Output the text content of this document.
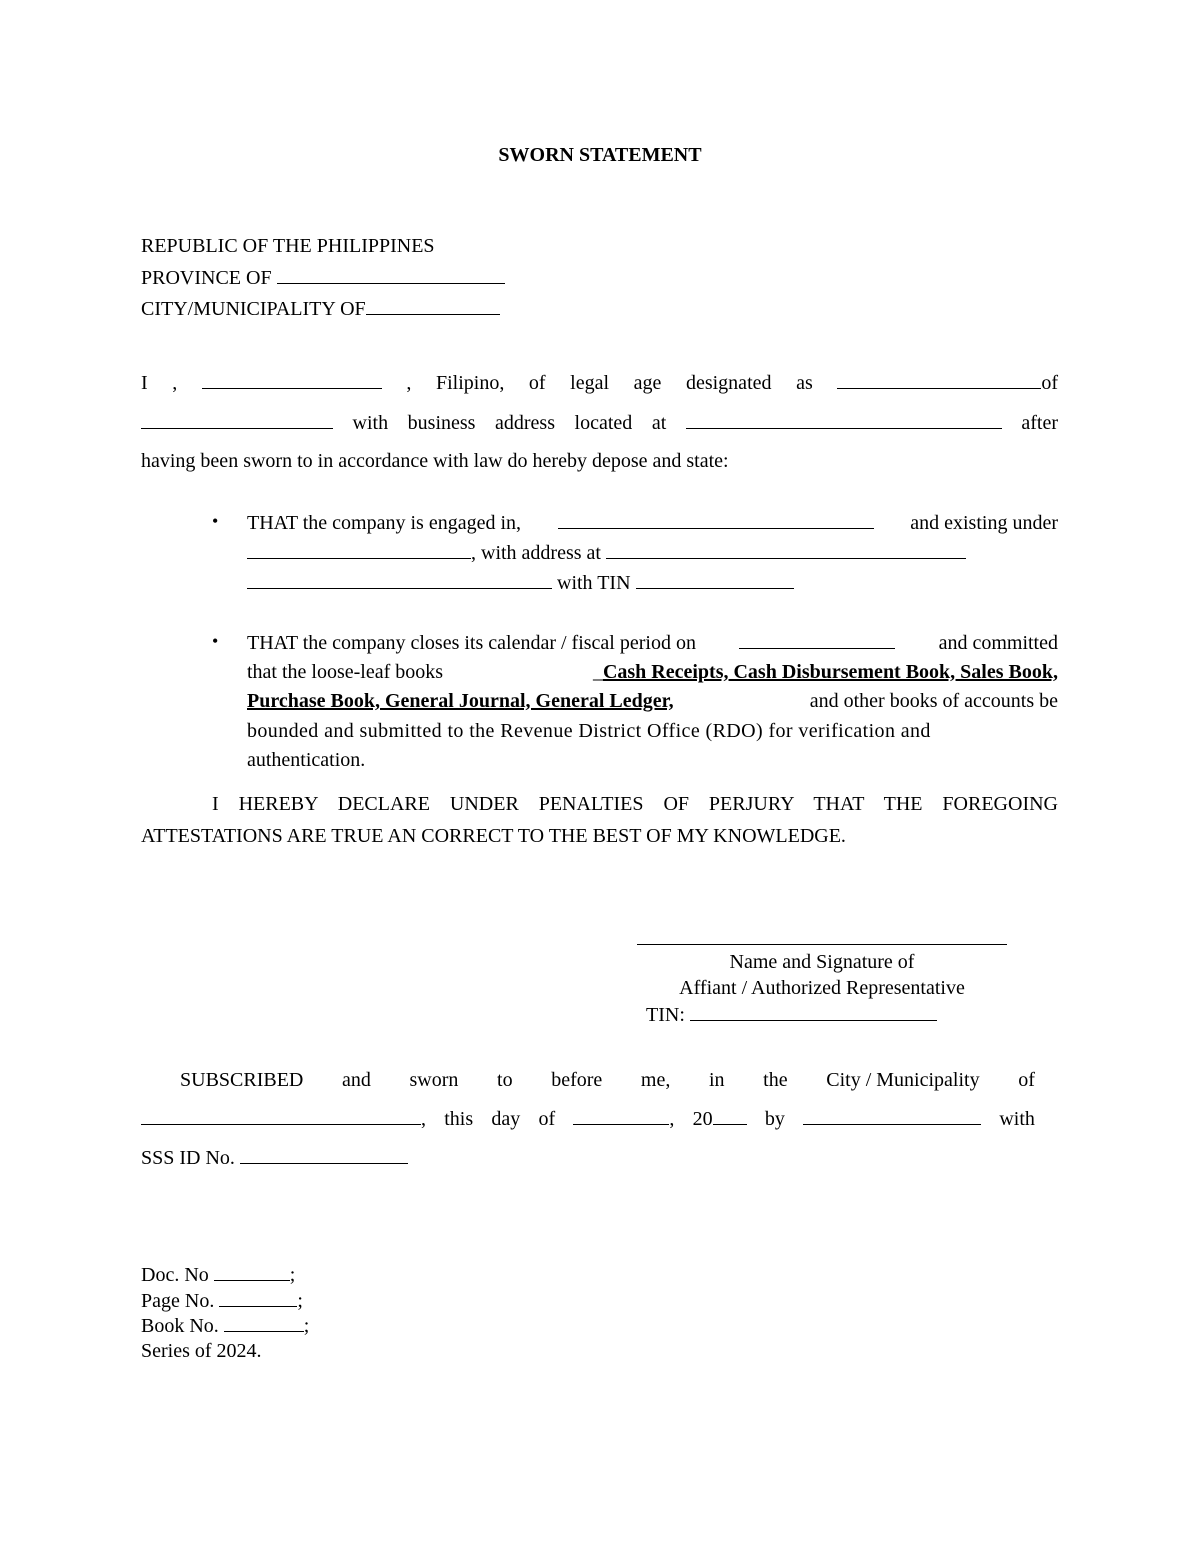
SWORN STATEMENT
REPUBLIC OF THE PHILIPPINES
PROVINCE OF
CITY/MUNICIPALITY OF
I ,	, Filipino, of legal age designated as	of
with business address located at	after
having been sworn to in accordance with law do hereby depose and state:
• THAT the company is engaged in,	and existing under
, with address at
with TIN
• THAT the company closes its calendar / fiscal period on	and committed
that the loose-leaf books	_Cash Receipts, Cash Disbursement Book, Sales Book,
Purchase Book, General Journal, General Ledger,	and other books of accounts be
bounded and submitted to the Revenue District Office (RDO) for verification and
authentication.
I HEREBY DECLARE UNDER PENALTIES OF PERJURY THAT THE FOREGOING
ATTESTATIONS ARE TRUE AN CORRECT TO THE BEST OF MY KNOWLEDGE.
Name and Signature of
Affiant / Authorized Representative
TIN:
SUBSCRIBED and sworn to before me, in the City / Municipality of
, this day of	, 20	by	with
SSS ID No.
Doc. No	;
Page No.	;
Book No.	;
Series of 2024.
